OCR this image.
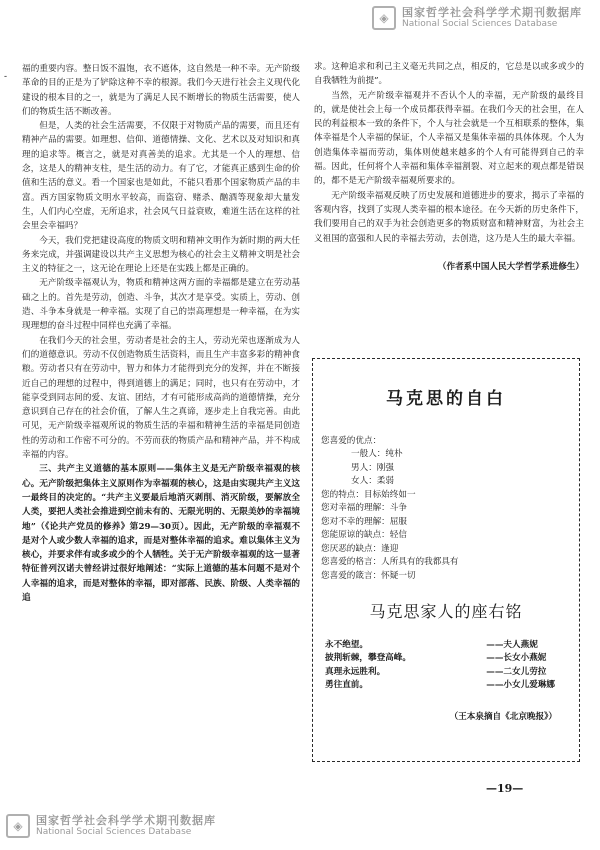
◈	国家哲学社会科学学术期刊数据库
National Social Sciences Database
-

福的重要内容。整日饭不温饱，衣不遮体，这自然是一种不幸。无产阶级革命的目的正是为了铲除这种不幸的根源。我们今天进行社会主义现代化建设的根本目的之一，就是为了满足人民不断增长的物质生活需要，使人们的物质生活不断改善。

但是，人类的社会生活需要，不仅限于对物质产品的需要，而且还有精神产品的需要。如理想、信仰、道德情操、文化、艺术以及对知识和真理的追求等。概言之，就是对真善美的追求。尤其是一个人的理想、信念，这是人的精神支柱，是生活的动力。有了它，才能真正感到生命的价值和生活的意义。看一个国家也是如此，不能只看那个国家物质产品的丰富。西方国家物质文明水平较高，而盗窃、赌杀、酗酒等现象却大量发生，人们内心空虚，无所追求，社会风气日益衰败，难道生活在这样的社会里会幸福吗？

今天，我们党把建设高度的物质文明和精神文明作为新时期的两大任务来完成，并强调建设以共产主义思想为核心的社会主义精神文明是社会主义的特征之一，这无论在理论上还是在实践上都是正确的。

无产阶级幸福观认为，物质和精神这两方面的幸福都是建立在劳动基础之上的。首先是劳动，创造、斗争，其次才是享受。实质上，劳动、创造、斗争本身就是一种幸福。实现了自己的崇高理想是一种幸福，在为实现理想的奋斗过程中同样也充满了幸福。

在我们今天的社会里，劳动者是社会的主人，劳动光荣也逐渐成为人们的道德意识。劳动不仅创造物质生活资料，而且生产丰富多彩的精神食粮。劳动者只有在劳动中，智力和体力才能得到充分的发挥，并在不断接近自己的理想的过程中，得到道德上的满足；同时，也只有在劳动中，才能享受到同志间的爱、友谊、团结，才有可能形成高尚的道德情操，充分意识到自己存在的社会价值，了解人生之真谛，逐步走上自我完善。由此可见，无产阶级幸福观所说的物质生活的幸福和精神生活的幸福是同创造性的劳动和工作密不可分的。不劳而获的物质产品和精神产品，并不构成幸福的内容。

三、共产主义道德的基本原则——集体主义是无产阶级幸福观的核心。无产阶级把集体主义原则作为幸福观的核心，这是由实现共产主义这一最终目的决定的。“共产主义要最后地消灭剥削、消灭阶级，要解放全人类，要把人类社会推进到空前未有的、无限光明的、无限美妙的幸福境地”（《论共产党员的修养》第29—30页）。因此，无产阶级的幸福观不是对个人或少数人幸福的追求，而是对整体幸福的追求。难以集体主义为核心，并要求伴有或多或少的个人牺牲。关于无产阶级幸福观的这一显著特征普列汉诺夫曾经讲过很好地阐述：“实际上道德的基本问题不是对个人幸福的追求，而是对整体的幸福，即对部落、民族、阶级、人类幸福的追

求。这种追求和利己主义毫无共同之点，相反的，它总是以或多或少的自我牺牲为前提”。

当然，无产阶级幸福观并不否认个人的幸福，无产阶级的最终目的，就是使社会上每一个成员都获得幸福。在我们今天的社会里，在人民的利益根本一致的条件下，个人与社会就是一个互相联系的整体，集体幸福是个人幸福的保证，个人幸福又是集体幸福的具体体现。个人为创造集体幸福而劳动，集体则使越来越多的个人有可能得到自己的幸福。因此，任何将个人幸福和集体幸福割裂、对立起来的观点都是错误的，都不是无产阶级幸福观所要求的。

无产阶级幸福观反映了历史发展和道德进步的要求，揭示了幸福的客观内容，找到了实现人类幸福的根本途径。在今天新的历史条件下，我们要用自己的双手为社会创造更多的物质财富和精神财富，为社会主义祖国的富强和人民的幸福去劳动，去创造，这乃是人生的最大幸福。

（作者系中国人民大学哲学系进修生）
马克思的自白
您喜爱的优点：
一般人：纯朴
男人：刚强
女人：柔弱
您的特点：目标始终如一
您对幸福的理解：斗争
您对不幸的理解：屈服
您能原谅的缺点：轻信
您厌恶的缺点：逢迎
您喜爱的格言：人所具有的我都具有
您喜爱的箴言：怀疑一切
马克思家人的座右铭
永不绝望。
披荆斩棘，攀登高峰。
真理永远胜利。
勇往直前。
——夫人燕妮
——长女小燕妮
——二女儿劳拉
——小女儿爱琳娜
（王本泉摘自《北京晚报》）
—19—
◈	国家哲学社会科学学术期刊数据库
National Social Sciences Database
